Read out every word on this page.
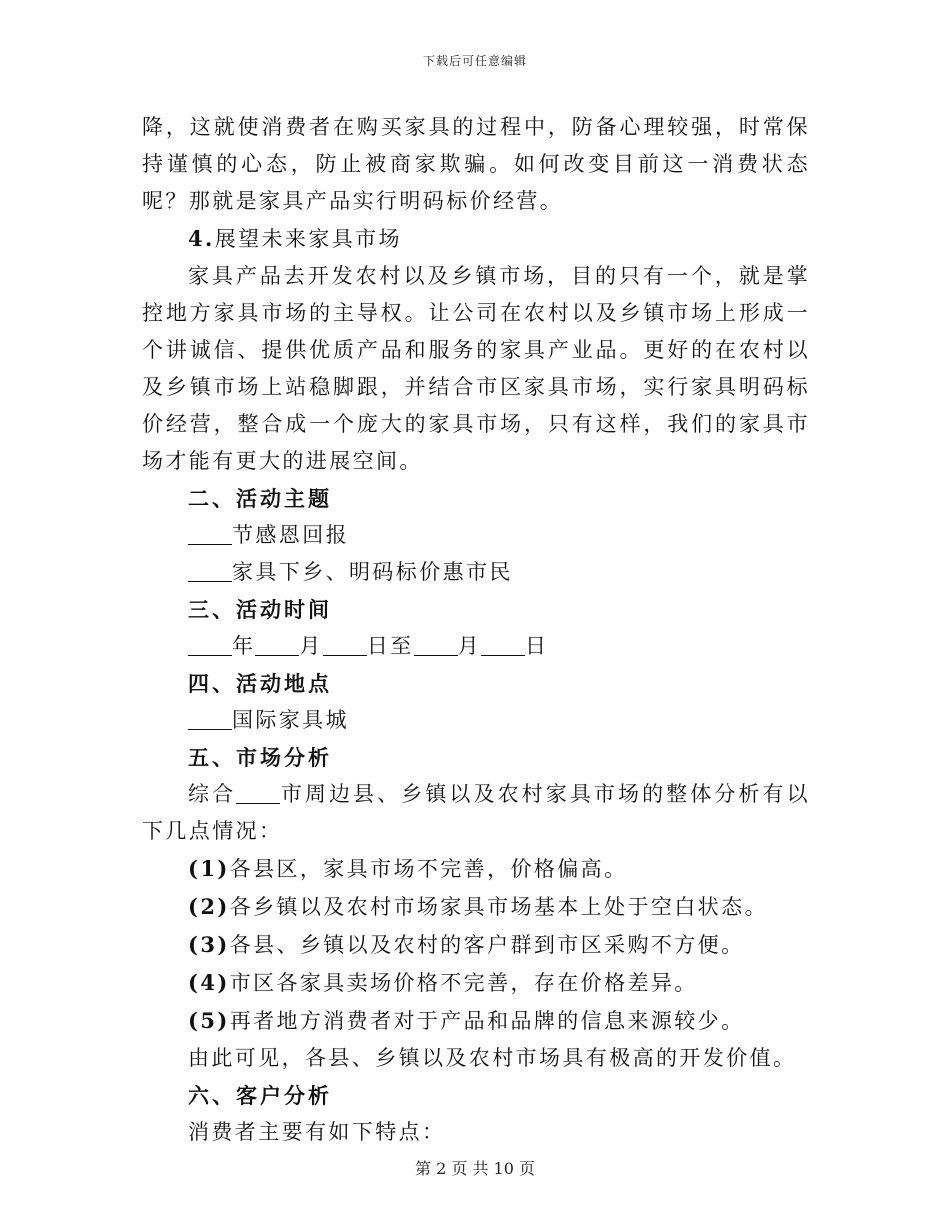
下载后可任意编辑

降，这就使消费者在购买家具的过程中，防备心理较强，时常保持谨慎的心态，防止被商家欺骗。如何改变目前这一消费状态呢？那就是家具产品实行明码标价经营。

4.展望未来家具市场

家具产品去开发农村以及乡镇市场，目的只有一个，就是掌控地方家具市场的主导权。让公司在农村以及乡镇市场上形成一个讲诚信、提供优质产品和服务的家具产业品。更好的在农村以及乡镇市场上站稳脚跟，并结合市区家具市场，实行家具明码标价经营，整合成一个庞大的家具市场，只有这样，我们的家具市场才能有更大的进展空间。

二、活动主题

节感恩回报

家具下乡、明码标价惠市民

三、活动时间

年 月 日至 月 日

四、活动地点

国际家具城

五、市场分析

综合 市周边县、乡镇以及农村家具市场的整体分析有以下几点情况：

(1)各县区，家具市场不完善，价格偏高。

(2)各乡镇以及农村市场家具市场基本上处于空白状态。

(3)各县、乡镇以及农村的客户群到市区采购不方便。

(4)市区各家具卖场价格不完善，存在价格差异。

(5)再者地方消费者对于产品和品牌的信息来源较少。

由此可见，各县、乡镇以及农村市场具有极高的开发价值。

六、客户分析

消费者主要有如下特点：

第 2 页 共 10 页
